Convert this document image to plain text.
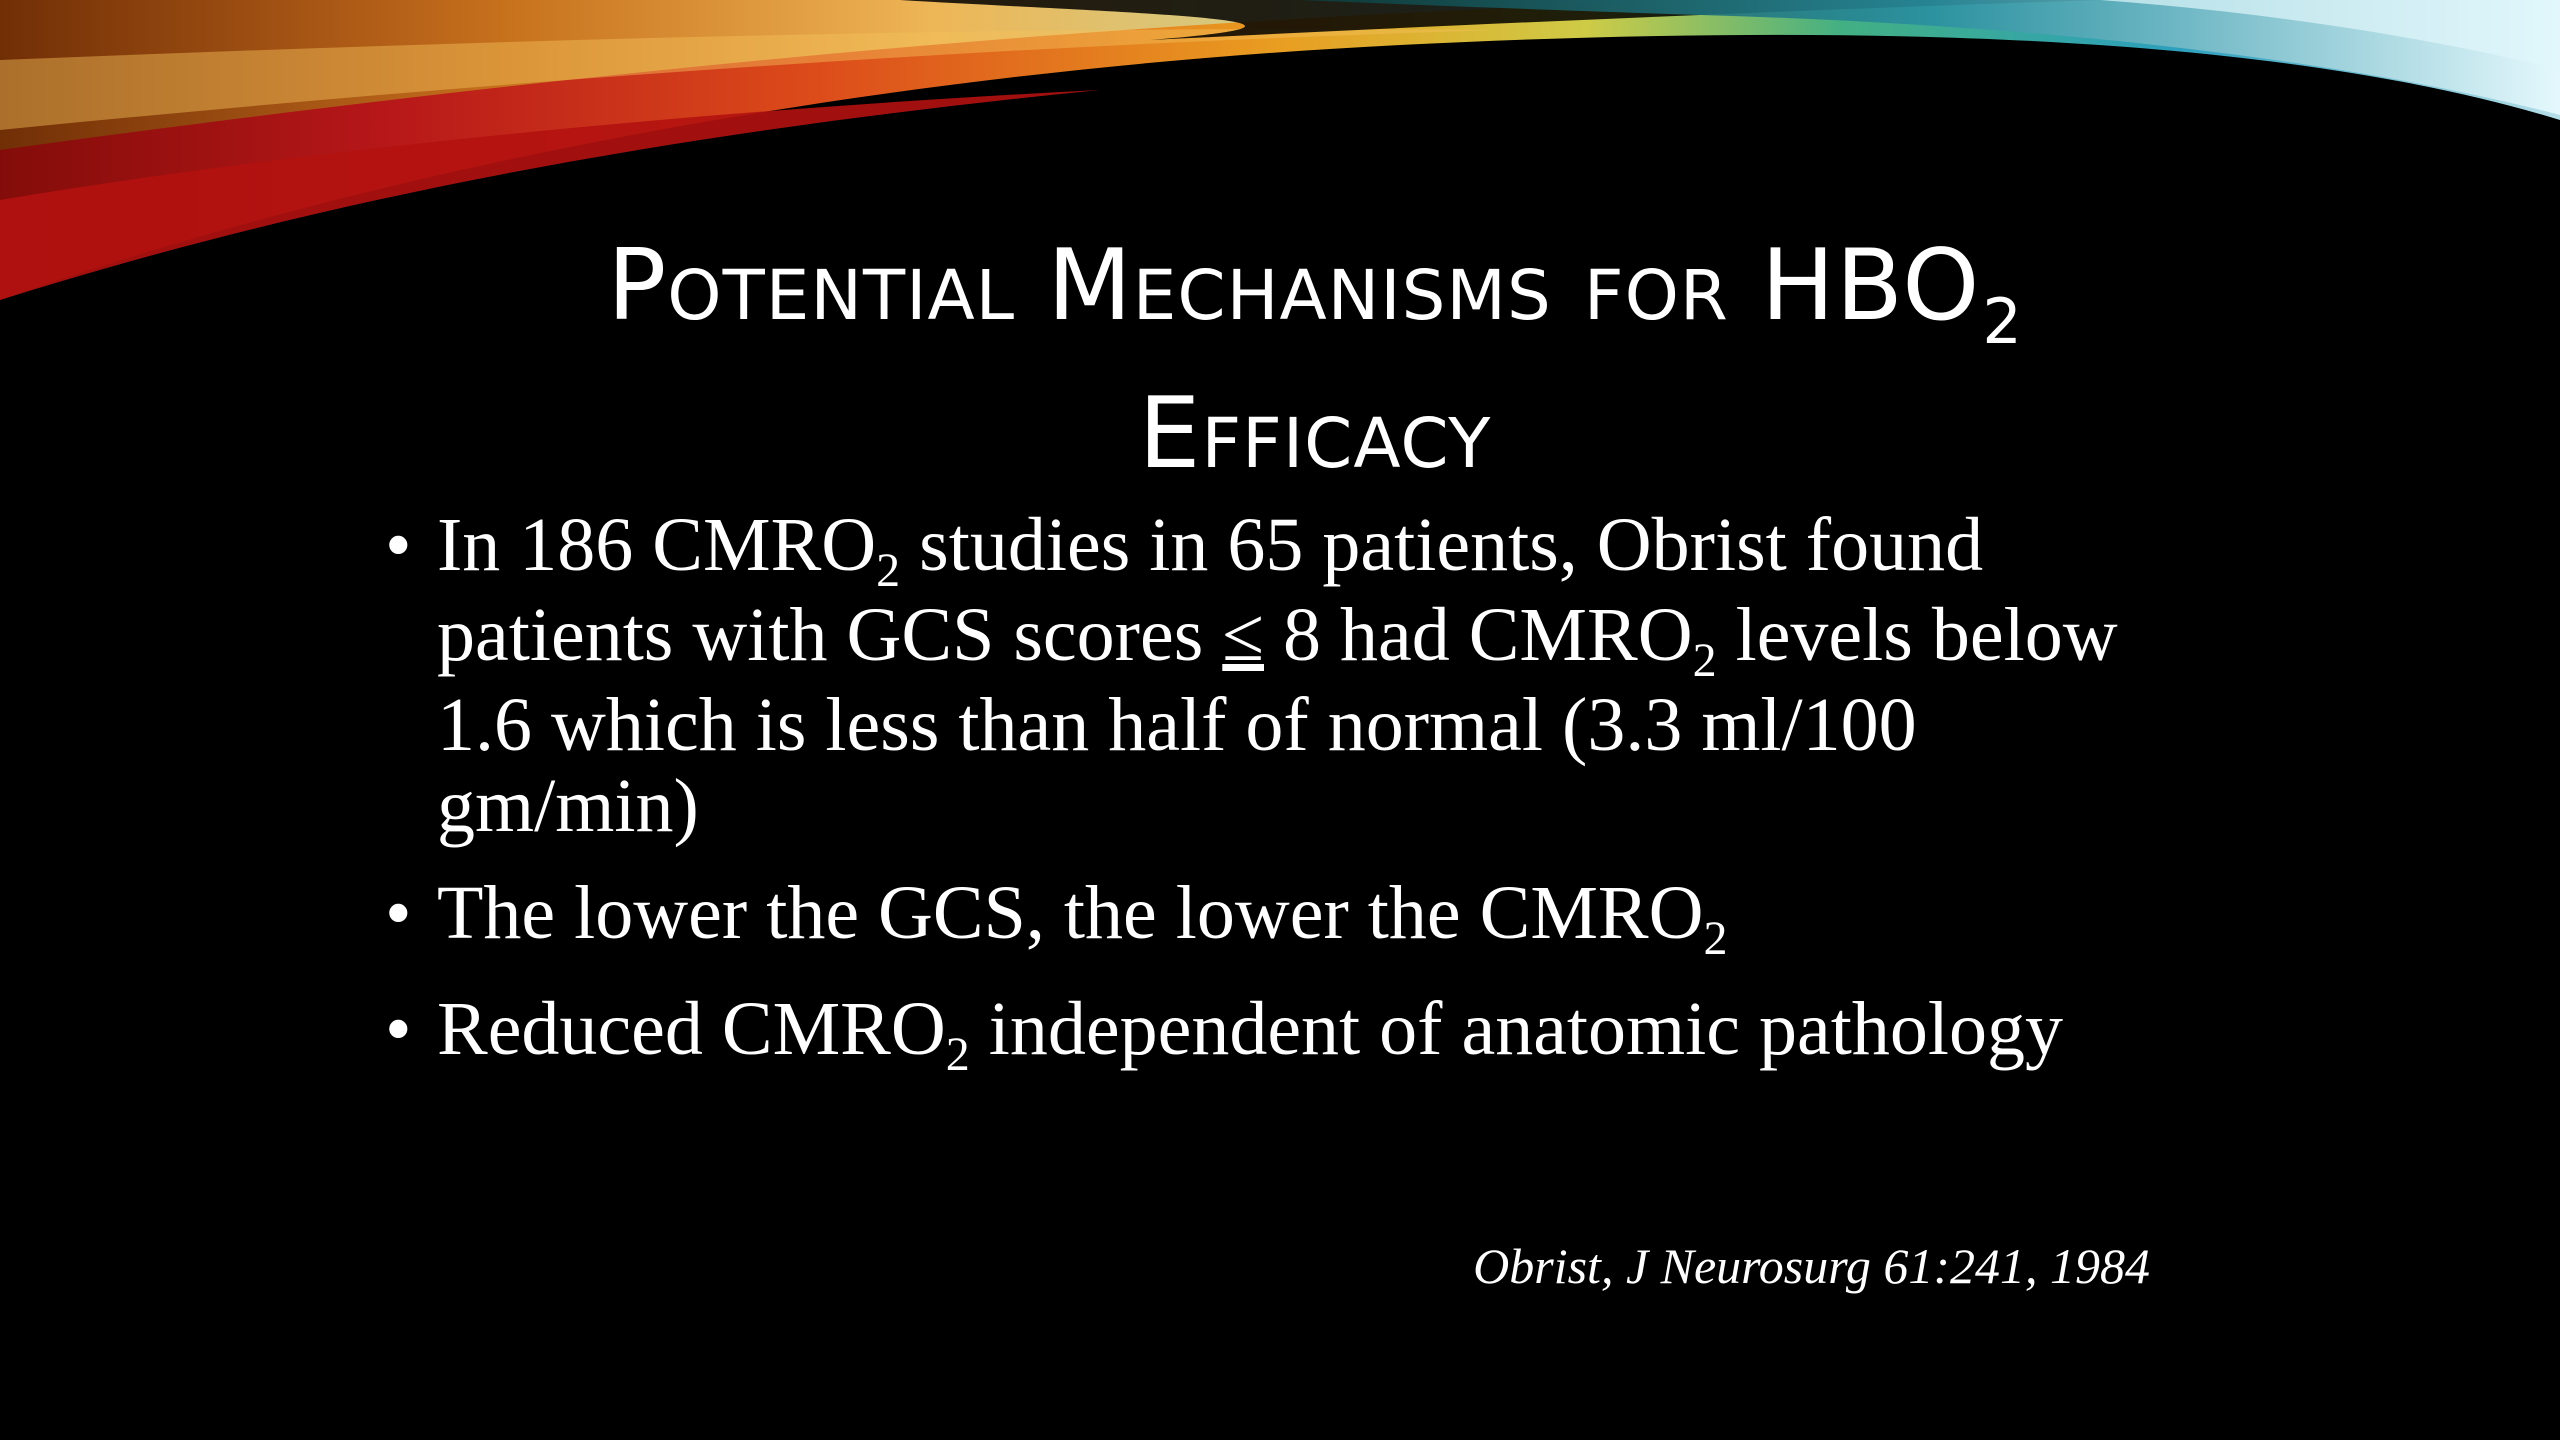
Potential Mechanisms for $HBO_2$
Efficacy
• In 186 $CMRO_2$ studies in 65 patients, Obrist found patients with GCS scores ≤ 8 had $CMRO_2$ levels below 1.6 which is less than half of normal (3.3 ml/100 gm/min)
• The lower the GCS, the lower the $CMRO_2$
• Reduced $CMRO_2$ independent of anatomic pathology
Obrist, J Neurosurg 61:241, 1984
